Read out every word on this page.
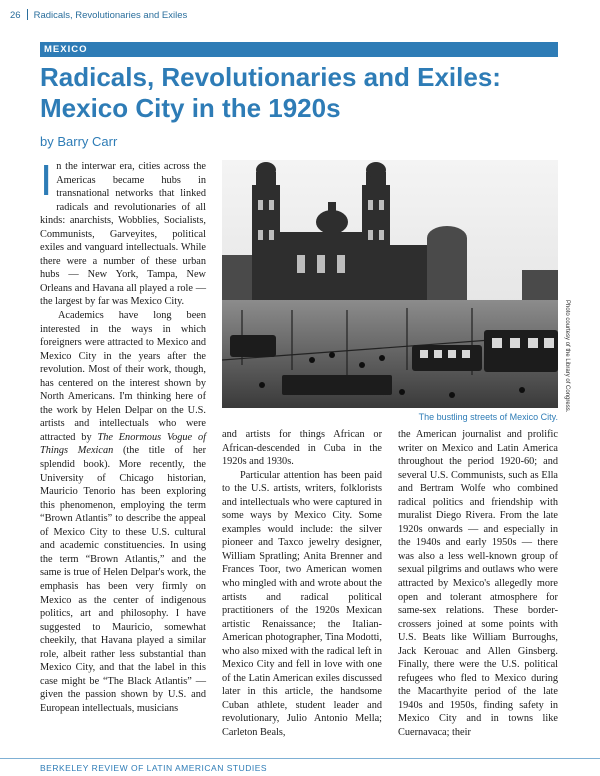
26 Radicals, Revolutionaries and Exiles
MEXICO
Radicals, Revolutionaries and Exiles:
Mexico City in the 1920s
by Barry Carr

In the interwar era, cities across the Americas became hubs in transnational networks that linked radicals and revolutionaries of all kinds: anarchists, Wobblies, Socialists, Communists, Garveyites, political exiles and vanguard intellectuals. While there were a number of these urban hubs — New York, Tampa, New Orleans and Havana all played a role — the largest by far was Mexico City.

Academics have long been interested in the ways in which foreigners were attracted to Mexico and Mexico City in the years after the revolution. Most of their work, though, has centered on the interest shown by North Americans. I'm thinking here of the work by Helen Delpar on the U.S. artists and intellectuals who were attracted by The Enormous Vogue of Things Mexican (the title of her splendid book). More recently, the University of Chicago historian, Mauricio Tenorio has been exploring this phenomenon, employing the term “Brown Atlantis” to describe the appeal of Mexico City to these U.S. cultural and academic constituencies. In using the term “Brown Atlantis,” and the same is true of Helen Delpar's work, the emphasis has been very firmly on Mexico as the center of indigenous politics, art and philosophy. I have suggested to Mauricio, somewhat cheekily, that Havana played a similar role, albeit rather less substantial than Mexico City, and that the label in this case might be “The Black Atlantis” — given the passion shown by U.S. and European intellectuals, musicians

Photo courtesy of the Library of Congress.
The bustling streets of Mexico City.

and artists for things African or African-descended in Cuba in the 1920s and 1930s.

Particular attention has been paid to the U.S. artists, writers, folklorists and intellectuals who were captured in some ways by Mexico City. Some examples would include: the silver pioneer and Taxco jewelry designer, William Spratling; Anita Brenner and Frances Toor, two American women who mingled with and wrote about the artists and radical political practitioners of the 1920s Mexican artistic Renaissance; the Italian-American photographer, Tina Modotti, who also mixed with the radical left in Mexico City and fell in love with one of the Latin American exiles discussed later in this article, the handsome Cuban athlete, student leader and revolutionary, Julio Antonio Mella; Carleton Beals,

the American journalist and prolific writer on Mexico and Latin America throughout the period 1920-60; and several U.S. Communists, such as Ella and Bertram Wolfe who combined radical politics and friendship with muralist Diego Rivera. From the late 1920s onwards — and especially in the 1940s and early 1950s — there was also a less well-known group of sexual pilgrims and outlaws who were attracted by Mexico's allegedly more open and tolerant atmosphere for same-sex relations. These border-crossers joined at some points with U.S. Beats like William Burroughs, Jack Kerouac and Allen Ginsberg. Finally, there were the U.S. political refugees who fled to Mexico during the Macarthyite period of the late 1940s and 1950s, finding safety in Mexico City and in towns like Cuernavaca; their

BERKELEY REVIEW OF LATIN AMERICAN STUDIES
